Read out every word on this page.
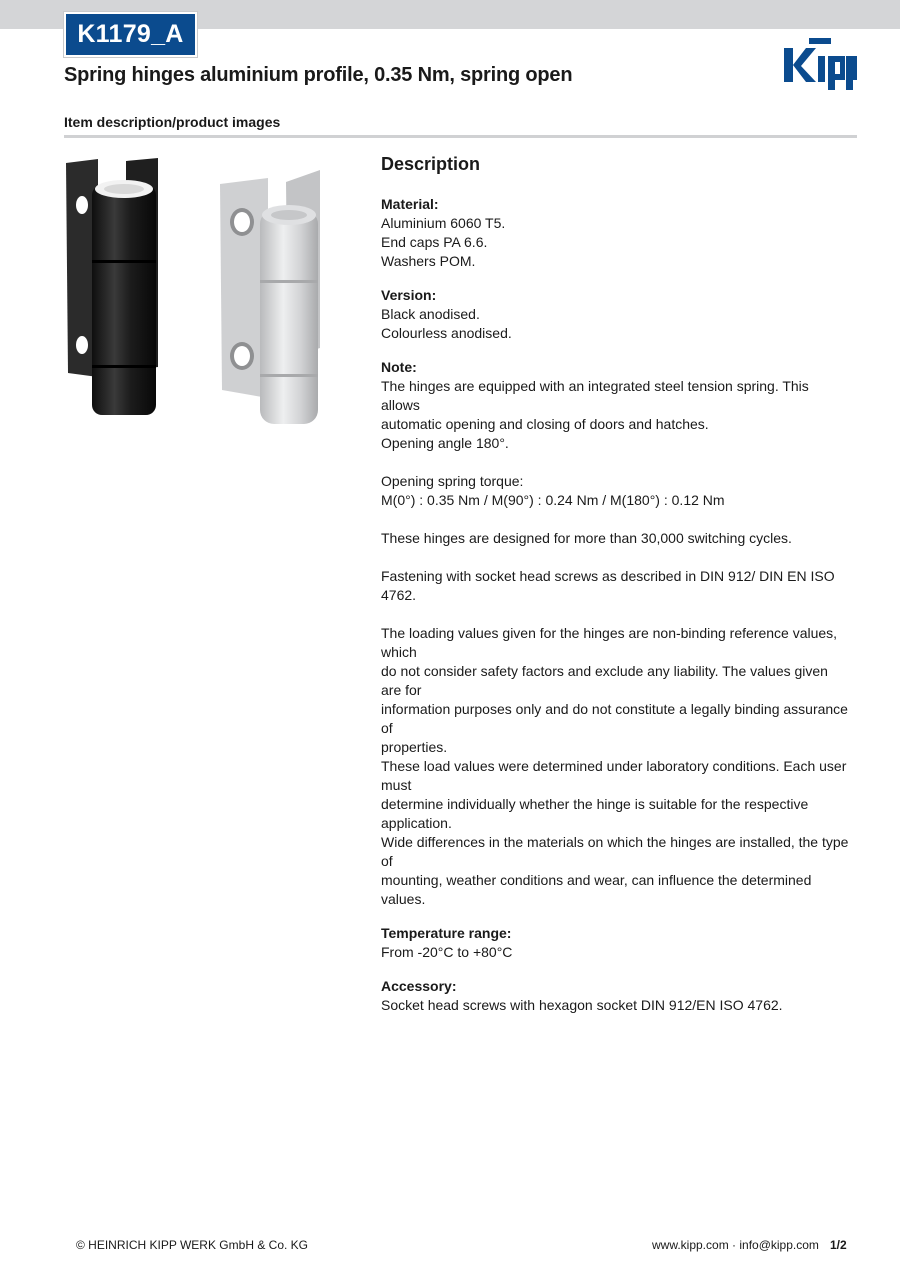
K1179_A
Spring hinges aluminium profile, 0.35 Nm, spring open
Item description/product images
Description
Material:
Aluminium 6060 T5.
End caps PA 6.6.
Washers POM.
Version:
Black anodised.
Colourless anodised.
Note:
The hinges are equipped with an integrated steel tension spring. This allows
automatic opening and closing of doors and hatches.
Opening angle 180°.
Opening spring torque:
M(0°) : 0.35 Nm / M(90°) : 0.24 Nm / M(180°) : 0.12 Nm
These hinges are designed for more than 30,000 switching cycles.
Fastening with socket head screws as described in DIN 912/ DIN EN ISO 4762.
The loading values given for the hinges are non-binding reference values, which
do not consider safety factors and exclude any liability. The values given are for
information purposes only and do not constitute a legally binding assurance of
properties.
These load values were determined under laboratory conditions. Each user must
determine individually whether the hinge is suitable for the respective application.
Wide differences in the materials on which the hinges are installed, the type of
mounting, weather conditions and wear, can influence the determined values.
Temperature range:
From -20°C to +80°C
Accessory:
Socket head screws with hexagon socket DIN 912/EN ISO 4762.
© HEINRICH KIPP WERK GmbH & Co. KG	www.kipp.com · info@kipp.com 1/2
